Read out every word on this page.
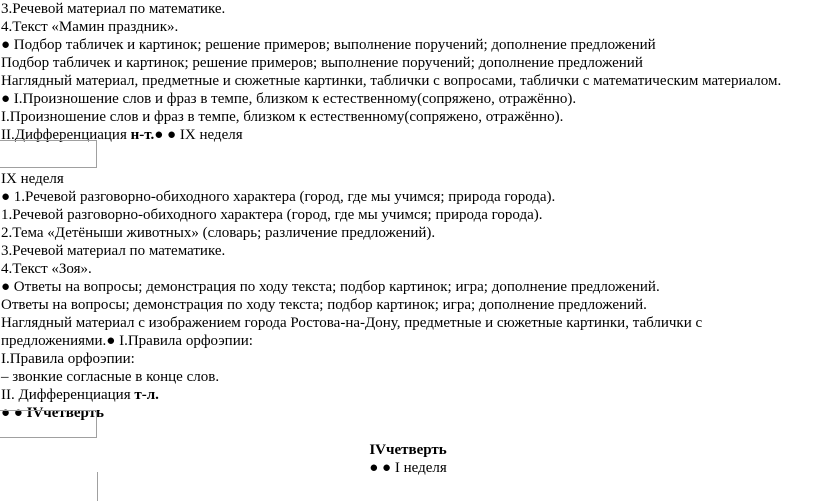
3.Речевой материал по математике.
4.Текст «Мамин праздник».
● Подбор табличек и картинок; решение примеров; выполнение поручений; дополнение предложений
Подбор табличек и картинок; решение примеров; выполнение поручений; дополнение предложений
Наглядный материал, предметные и сюжетные картинки, таблички с вопросами, таблички с математическим материалом.
● I.Произношение слов и фраз в темпе, близком к естественному(сопряжено, отражённо).
I.Произношение слов и фраз в темпе, близком к естественному(сопряжено, отражённо).
II.Дифференциация н-т.● ● IX неделя
IX неделя
● 1.Речевой разговорно-обиходного характера (город, где мы учимся; природа города).
1.Речевой разговорно-обиходного характера (город, где мы учимся; природа города).
2.Тема «Детёныши животных» (словарь; различение предложений).
3.Речевой материал по математике.
4.Текст «Зоя».
● Ответы на вопросы; демонстрация по ходу текста; подбор картинок; игра; дополнение предложений.
Ответы на вопросы; демонстрация по ходу текста; подбор картинок; игра; дополнение предложений.
Наглядный материал с изображением города Ростова-на-Дону, предметные и сюжетные картинки, таблички с
предложениями.● I.Правила орфоэпии:
I.Правила орфоэпии:
– звонкие согласные в конце слов.
II. Дифференциация т-л.
● ● IVчетверть
IVчетверть
● ● I неделя
